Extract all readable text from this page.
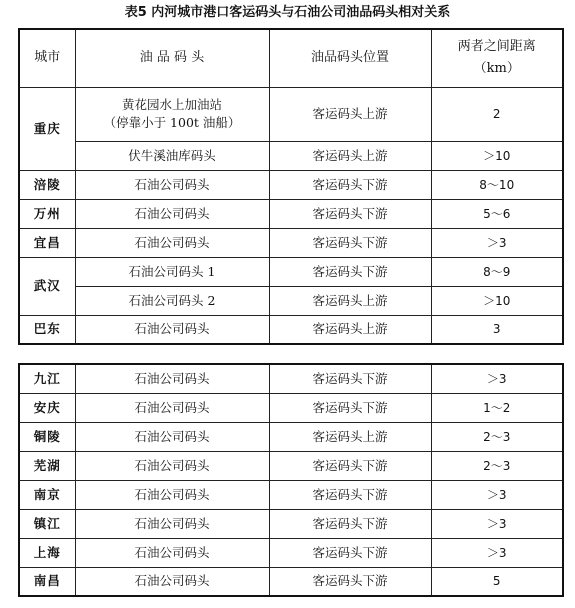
表5 内河城市港口客运码头与石油公司油品码头相对关系
城市	油 品 码 头	油品码头位置	两者之间距离
（km）

重庆	黄花园水上加油站
（停靠小于 100t 油船）	客运码头上游	2
	伏牛溪油库码头	客运码头上游	＞10
涪陵	石油公司码头	客运码头下游	8～10
万州	石油公司码头	客运码头下游	5～6
宜昌	石油公司码头	客运码头下游	＞3
武汉	石油公司码头 1	客运码头下游	8～9
	石油公司码头 2	客运码头上游	＞10
巴东	石油公司码头	客运码头上游	3
九江	石油公司码头	客运码头下游	＞3
安庆	石油公司码头	客运码头下游	1～2
铜陵	石油公司码头	客运码头上游	2～3
芜湖	石油公司码头	客运码头下游	2～3
南京	石油公司码头	客运码头下游	＞3
镇江	石油公司码头	客运码头下游	＞3
上海	石油公司码头	客运码头下游	＞3
南昌	石油公司码头	客运码头下游	5
